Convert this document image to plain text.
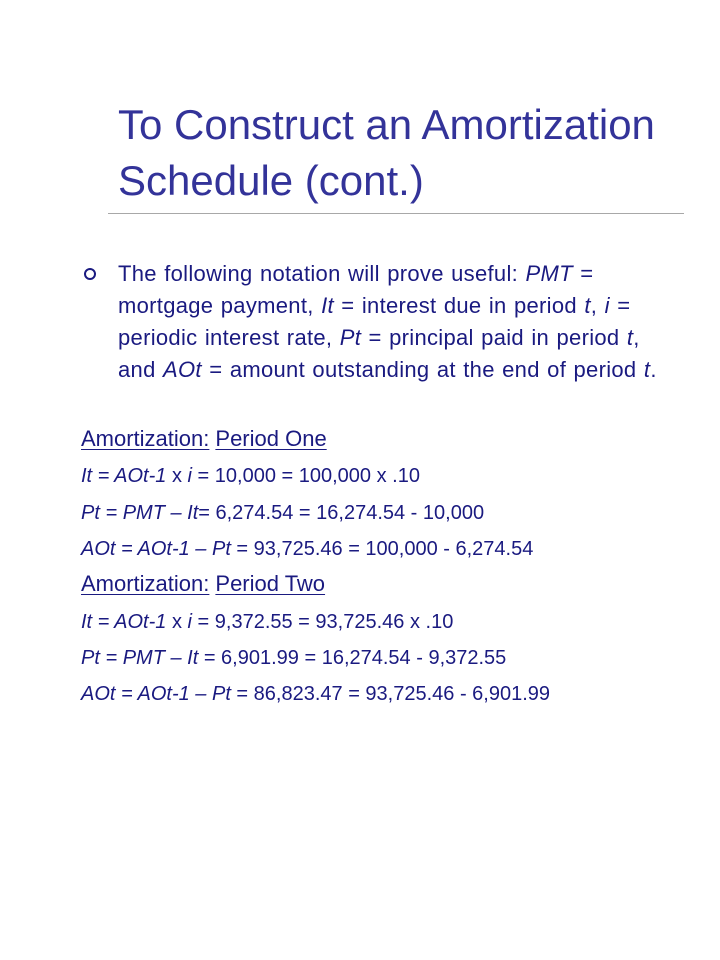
To Construct an Amortization Schedule (cont.)

The following notation will prove useful: PMT = mortgage payment, It = interest due in period t, i = periodic interest rate, Pt = principal paid in period t, and AOt = amount outstanding at the end of period t.

Amortization: Period One

It = AOt-1 x i = 10,000 = 100,000 x .10

Pt = PMT – It= 6,274.54 = 16,274.54 - 10,000

AOt = AOt-1 – Pt = 93,725.46 = 100,000 - 6,274.54

Amortization: Period Two

It = AOt-1 x i = 9,372.55 = 93,725.46 x .10

Pt = PMT – It = 6,901.99 = 16,274.54 - 9,372.55

AOt = AOt-1 – Pt = 86,823.47 = 93,725.46 - 6,901.99
